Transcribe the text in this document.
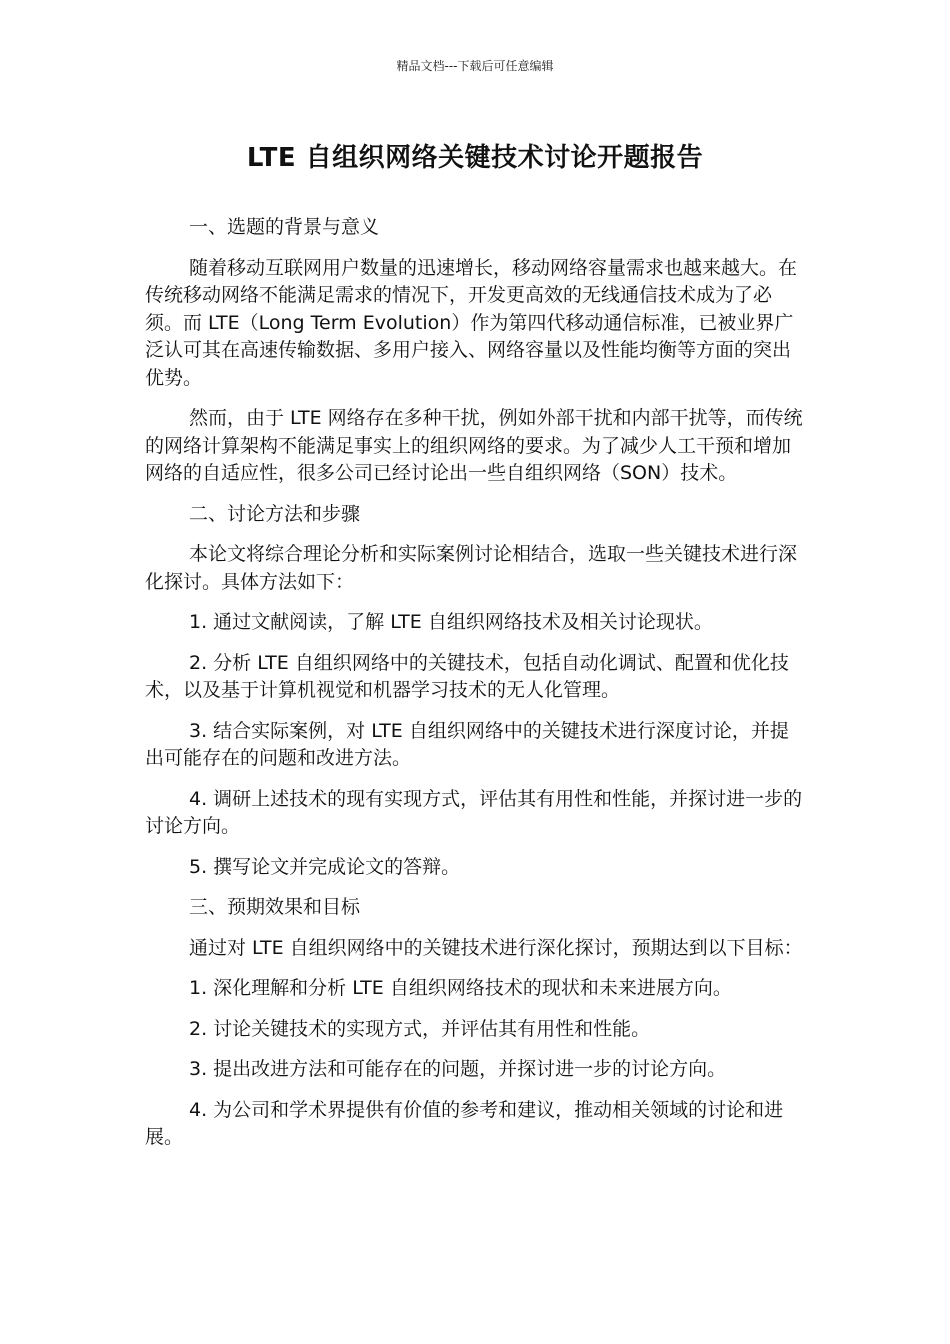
精品文档---下载后可任意编辑
LTE 自组织网络关键技术讨论开题报告

一、选题的背景与意义

随着移动互联网用户数量的迅速增长，移动网络容量需求也越来越大。在传统移动网络不能满足需求的情况下，开发更高效的无线通信技术成为了必须。而 LTE（Long Term Evolution）作为第四代移动通信标准，已被业界广泛认可其在高速传输数据、多用户接入、网络容量以及性能均衡等方面的突出优势。

然而，由于 LTE 网络存在多种干扰，例如外部干扰和内部干扰等，而传统的网络计算架构不能满足事实上的组织网络的要求。为了减少人工干预和增加网络的自适应性，很多公司已经讨论出一些自组织网络（SON）技术。

二、讨论方法和步骤

本论文将综合理论分析和实际案例讨论相结合，选取一些关键技术进行深化探讨。具体方法如下：

1. 通过文献阅读，了解 LTE 自组织网络技术及相关讨论现状。

2. 分析 LTE 自组织网络中的关键技术，包括自动化调试、配置和优化技术，以及基于计算机视觉和机器学习技术的无人化管理。

3. 结合实际案例，对 LTE 自组织网络中的关键技术进行深度讨论，并提出可能存在的问题和改进方法。

4. 调研上述技术的现有实现方式，评估其有用性和性能，并探讨进一步的讨论方向。

5. 撰写论文并完成论文的答辩。

三、预期效果和目标

通过对 LTE 自组织网络中的关键技术进行深化探讨，预期达到以下目标：

1. 深化理解和分析 LTE 自组织网络技术的现状和未来进展方向。

2. 讨论关键技术的实现方式，并评估其有用性和性能。

3. 提出改进方法和可能存在的问题，并探讨进一步的讨论方向。

4. 为公司和学术界提供有价值的参考和建议，推动相关领域的讨论和进展。
